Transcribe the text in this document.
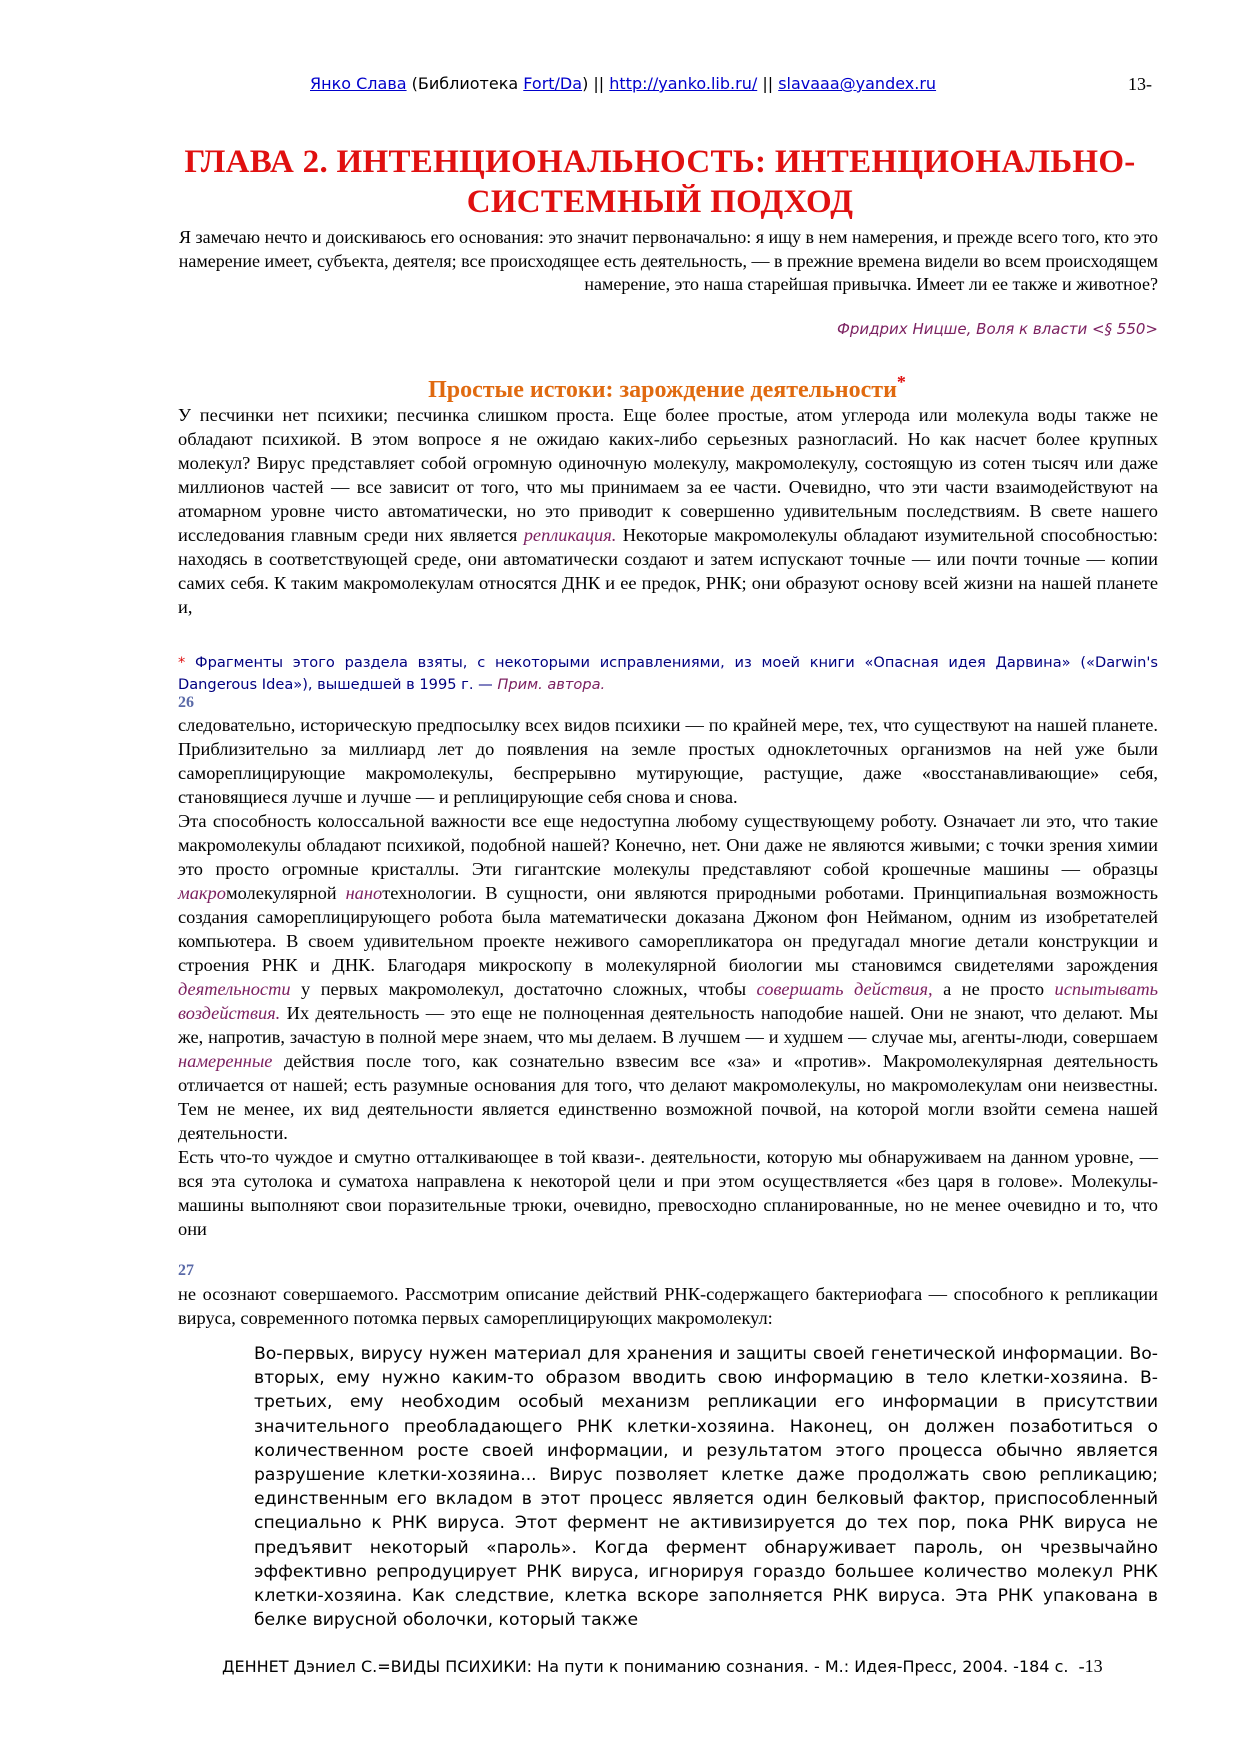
Янко Слава (Библиотека Fort/Da) || http://yanko.lib.ru/ || slavaaa@yandex.ru	13-
ГЛАВА 2. ИНТЕНЦИОНАЛЬНОСТЬ: ИНТЕНЦИОНАЛЬНО-СИСТЕМНЫЙ ПОДХОД
Я замечаю нечто и доискиваюсь его основания: это значит первоначально: я ищу в нем намерения, и прежде всего того, кто это намерение имеет, субъекта, деятеля; все происходящее есть деятельность, — в прежние времена видели во всем происходящем намерение, это наша старейшая привычка. Имеет ли ее также и животное?
Фридрих Ницше, Воля к власти <§ 550>
Простые истоки: зарождение деятельности*

У песчинки нет психики; песчинка слишком проста. Еще более простые, атом углерода или молекула воды также не обладают психикой. В этом вопросе я не ожидаю каких-либо серьезных разногласий. Но как насчет более крупных молекул? Вирус представляет собой огромную одиночную молекулу, макромолекулу, состоящую из сотен тысяч или даже миллионов частей — все зависит от того, что мы принимаем за ее части. Очевидно, что эти части взаимодействуют на атомарном уровне чисто автоматически, но это приводит к совершенно удивительным последствиям. В свете нашего исследования главным среди них является репликация. Некоторые макромолекулы обладают изумительной способностью: находясь в соответствующей среде, они автоматически создают и затем испускают точные — или почти точные — копии самих себя. К таким макромолекулам относятся ДНК и ее предок, РНК; они образуют основу всей жизни на нашей планете и,

* Фрагменты этого раздела взяты, с некоторыми исправлениями, из моей книги «Опасная идея Дарвина» («Darwin's Dangerous Idea»), вышедшей в 1995 г. — Прим. автора.
26

следовательно, историческую предпосылку всех видов психики — по крайней мере, тех, что существуют на нашей планете. Приблизительно за миллиард лет до появления на земле простых одноклеточных организмов на ней уже были самореплицирующие макромолекулы, беспрерывно мутирующие, растущие, даже «восстанавливающие» себя, становящиеся лучше и лучше — и реплицирующие себя снова и снова.

Эта способность колоссальной важности все еще недоступна любому существующему роботу. Означает ли это, что такие макромолекулы обладают психикой, подобной нашей? Конечно, нет. Они даже не являются живыми; с точки зрения химии это просто огромные кристаллы. Эти гигантские молекулы представляют собой крошечные машины — образцы макромолекулярной нанотехнологии. В сущности, они являются природными роботами. Принципиальная возможность создания самореплицирующего робота была математически доказана Джоном фон Нейманом, одним из изобретателей компьютера. В своем удивительном проекте неживого саморепликатора он предугадал многие детали конструкции и строения РНК и ДНК. Благодаря микроскопу в молекулярной биологии мы становимся свидетелями зарождения деятельности у первых макромолекул, достаточно сложных, чтобы совершать действия, а не просто испытывать воздействия. Их деятельность — это еще не полноценная деятельность наподобие нашей. Они не знают, что делают. Мы же, напротив, зачастую в полной мере знаем, что мы делаем. В лучшем — и худшем — случае мы, агенты-люди, совершаем намеренные действия после того, как сознательно взвесим все «за» и «против». Макромолекулярная деятельность отличается от нашей; есть разумные основания для того, что делают макромолекулы, но макромолекулам они неизвестны. Тем не менее, их вид деятельности является единственно возможной почвой, на которой могли взойти семена нашей деятельности.

Есть что-то чуждое и смутно отталкивающее в той квази-. деятельности, которую мы обнаруживаем на данном уровне, — вся эта сутолока и суматоха направлена к некоторой цели и при этом осуществляется «без царя в голове». Молекулы-машины выполняют свои поразительные трюки, очевидно, превосходно спланированные, но не менее очевидно и то, что они

27

не осознают совершаемого. Рассмотрим описание действий РНК-содержащего бактериофага — способного к репликации вируса, современного потомка первых самореплицирующих макромолекул:

Во-первых, вирусу нужен материал для хранения и защиты своей генетической информации. Во-вторых, ему нужно каким-то образом вводить свою информацию в тело клетки-хозяина. В-третьих, ему необходим особый механизм репликации его информации в присутствии значительного преобладающего РНК клетки-хозяина. Наконец, он должен позаботиться о количественном росте своей информации, и результатом этого процесса обычно является разрушение клетки-хозяина... Вирус позволяет клетке даже продолжать свою репликацию; единственным его вкладом в этот процесс является один белковый фактор, приспособленный специально к РНК вируса. Этот фермент не активизируется до тех пор, пока РНК вируса не предъявит некоторый «пароль». Когда фермент обнаруживает пароль, он чрезвычайно эффективно репродуцирует РНК вируса, игнорируя гораздо большее количество молекул РНК клетки-хозяина. Как следствие, клетка вскоре заполняется РНК вируса. Эта РНК упакована в белке вирусной оболочки, который также
ДЕННЕТ Дэниел С.=ВИДЫ ПСИХИКИ: На пути к пониманию сознания. - М.: Идея-Пресс, 2004. -184 с. -13
